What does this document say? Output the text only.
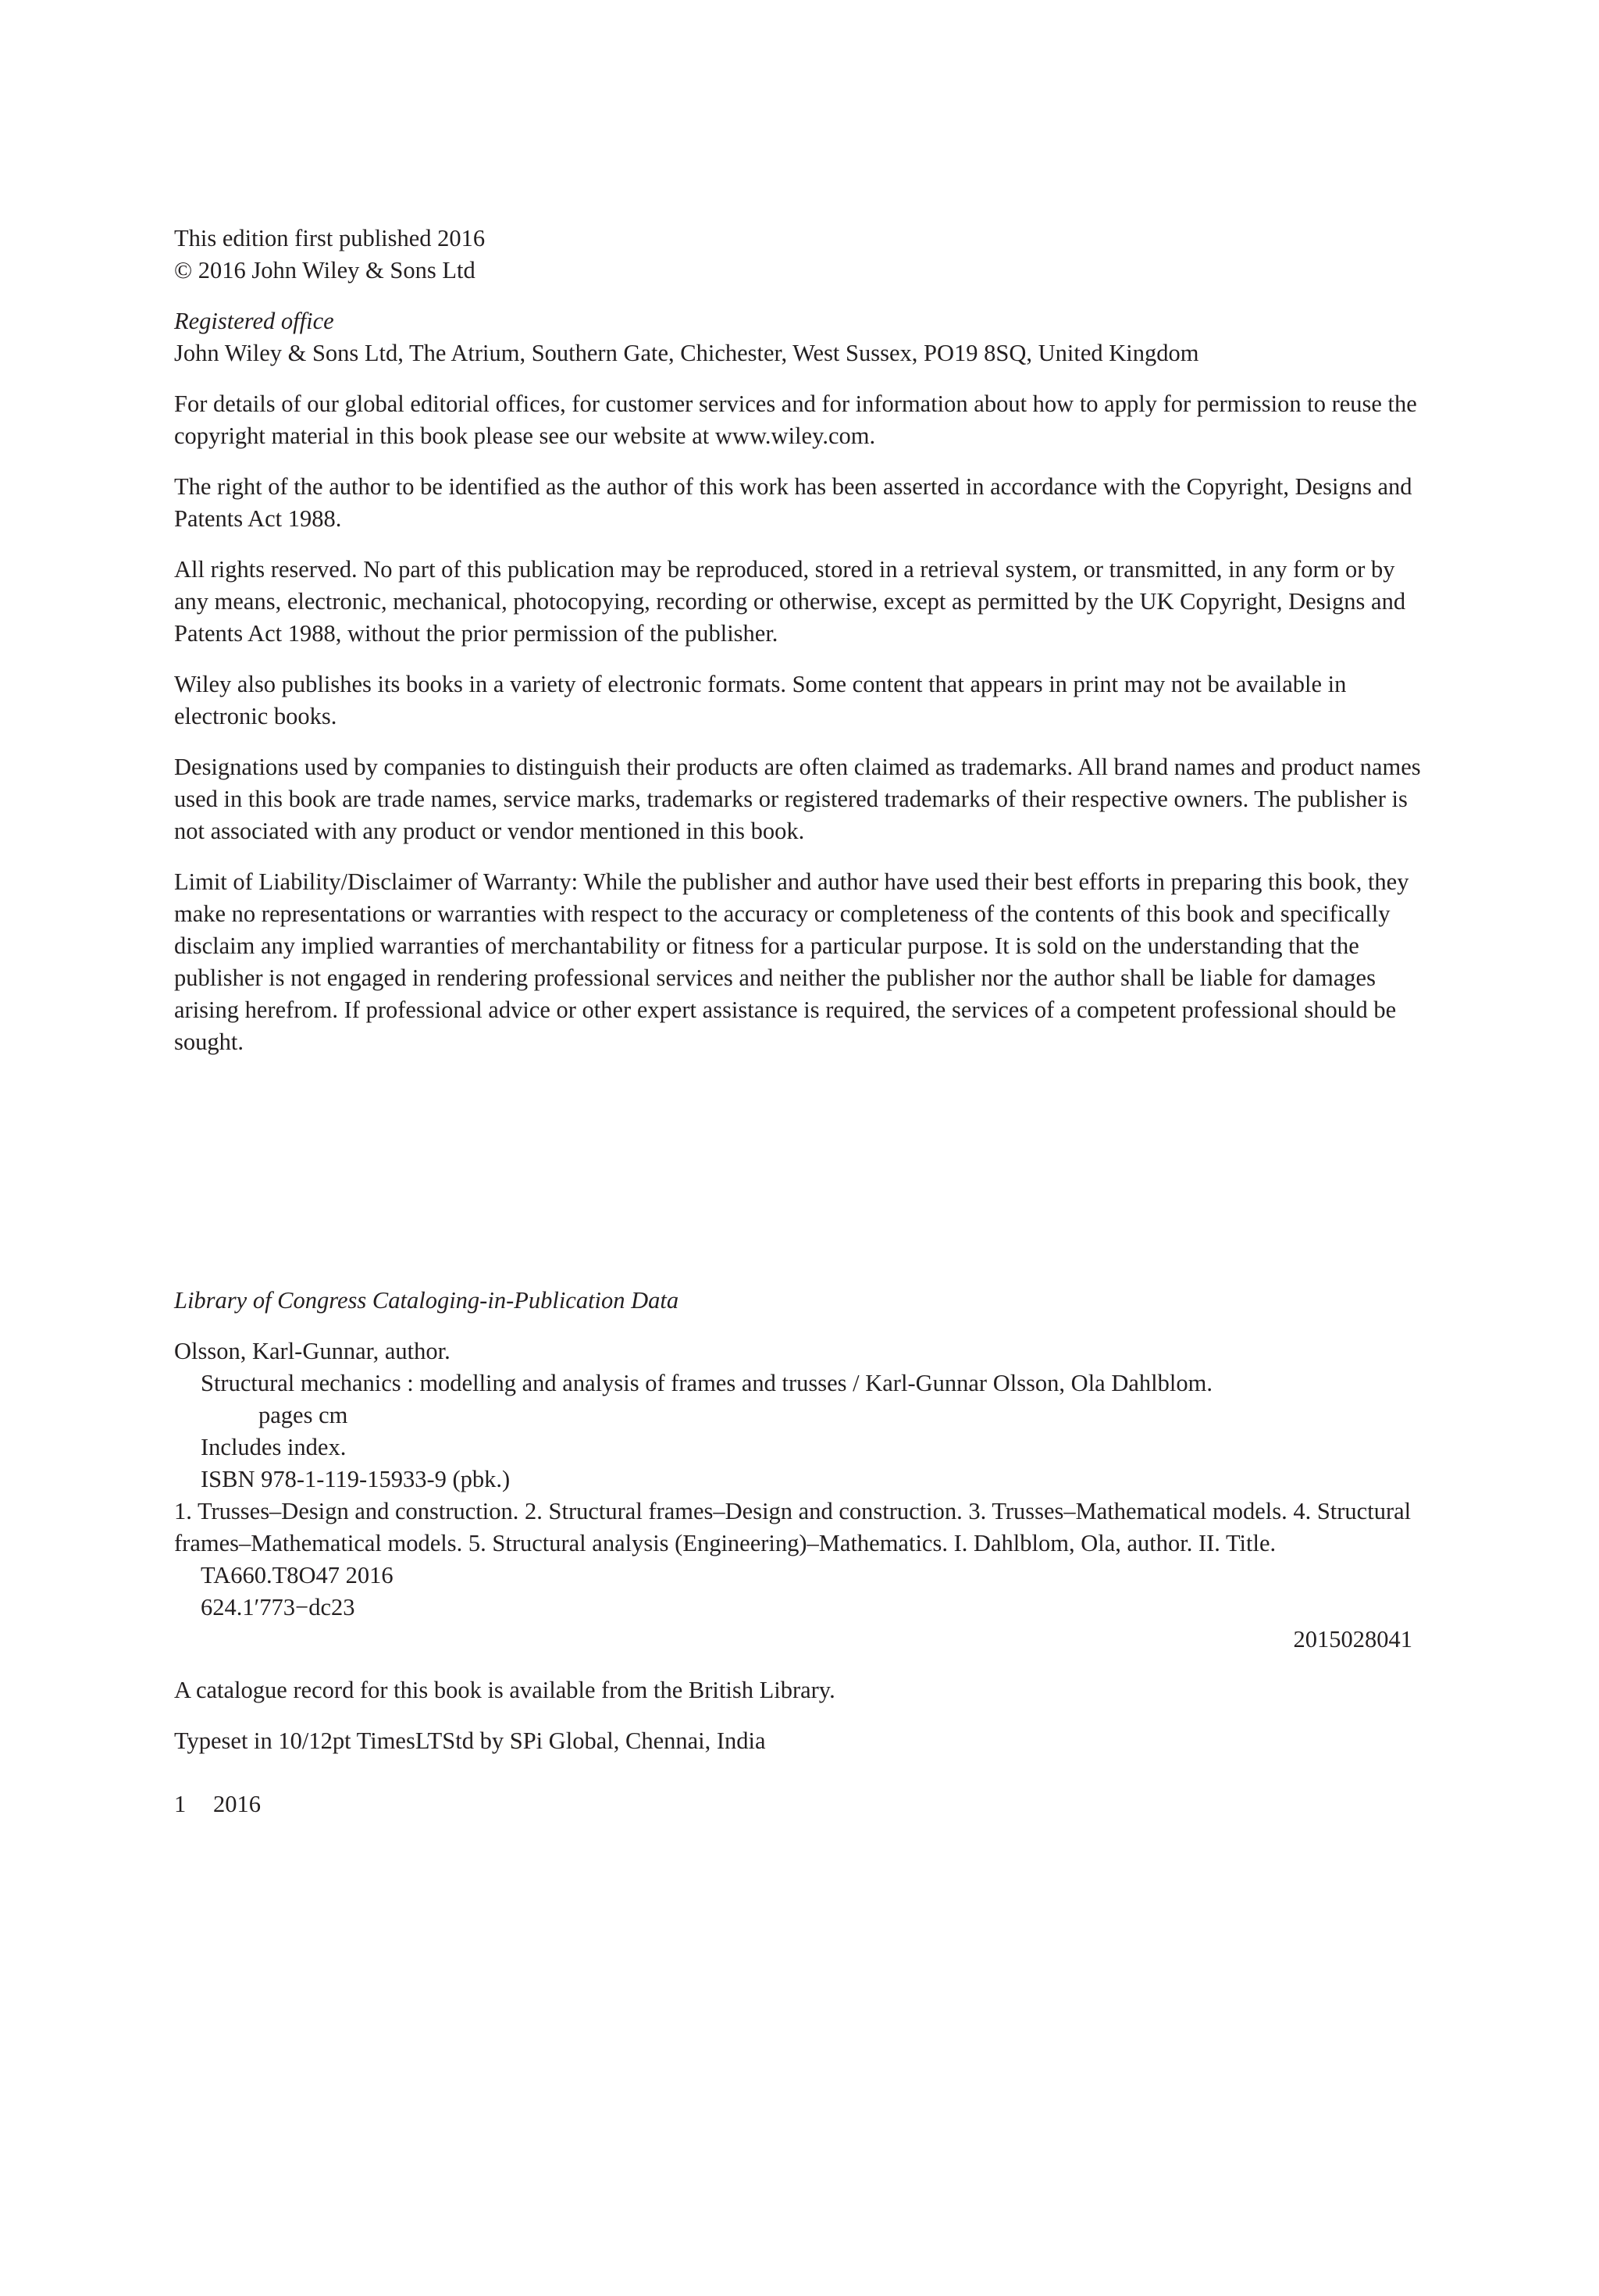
This edition first published 2016

© 2016 John Wiley & Sons Ltd

Registered office

John Wiley & Sons Ltd, The Atrium, Southern Gate, Chichester, West Sussex, PO19 8SQ, United Kingdom

For details of our global editorial offices, for customer services and for information about how to apply for permission to reuse the copyright material in this book please see our website at www.wiley.com.

The right of the author to be identified as the author of this work has been asserted in accordance with the Copyright, Designs and Patents Act 1988.

All rights reserved. No part of this publication may be reproduced, stored in a retrieval system, or transmitted, in any form or by any means, electronic, mechanical, photocopying, recording or otherwise, except as permitted by the UK Copyright, Designs and Patents Act 1988, without the prior permission of the publisher.

Wiley also publishes its books in a variety of electronic formats. Some content that appears in print may not be available in electronic books.

Designations used by companies to distinguish their products are often claimed as trademarks. All brand names and product names used in this book are trade names, service marks, trademarks or registered trademarks of their respective owners. The publisher is not associated with any product or vendor mentioned in this book.

Limit of Liability/Disclaimer of Warranty: While the publisher and author have used their best efforts in preparing this book, they make no representations or warranties with respect to the accuracy or completeness of the contents of this book and specifically disclaim any implied warranties of merchantability or fitness for a particular purpose. It is sold on the understanding that the publisher is not engaged in rendering professional services and neither the publisher nor the author shall be liable for damages arising herefrom. If professional advice or other expert assistance is required, the services of a competent professional should be sought.

Library of Congress Cataloging-in-Publication Data

Olsson, Karl-Gunnar, author.

Structural mechanics : modelling and analysis of frames and trusses / Karl-Gunnar Olsson, Ola Dahlblom.

pages cm

Includes index.

ISBN 978-1-119-15933-9 (pbk.)

1. Trusses–Design and construction. 2. Structural frames–Design and construction. 3. Trusses–Mathematical models. 4. Structural frames–Mathematical models. 5. Structural analysis (Engineering)–Mathematics. I. Dahlblom, Ola, author. II. Title.

TA660.T8O47 2016

624.1′773−dc23

2015028041

A catalogue record for this book is available from the British Library.

Typeset in 10/12pt TimesLTStd by SPi Global, Chennai, India

1 2016
